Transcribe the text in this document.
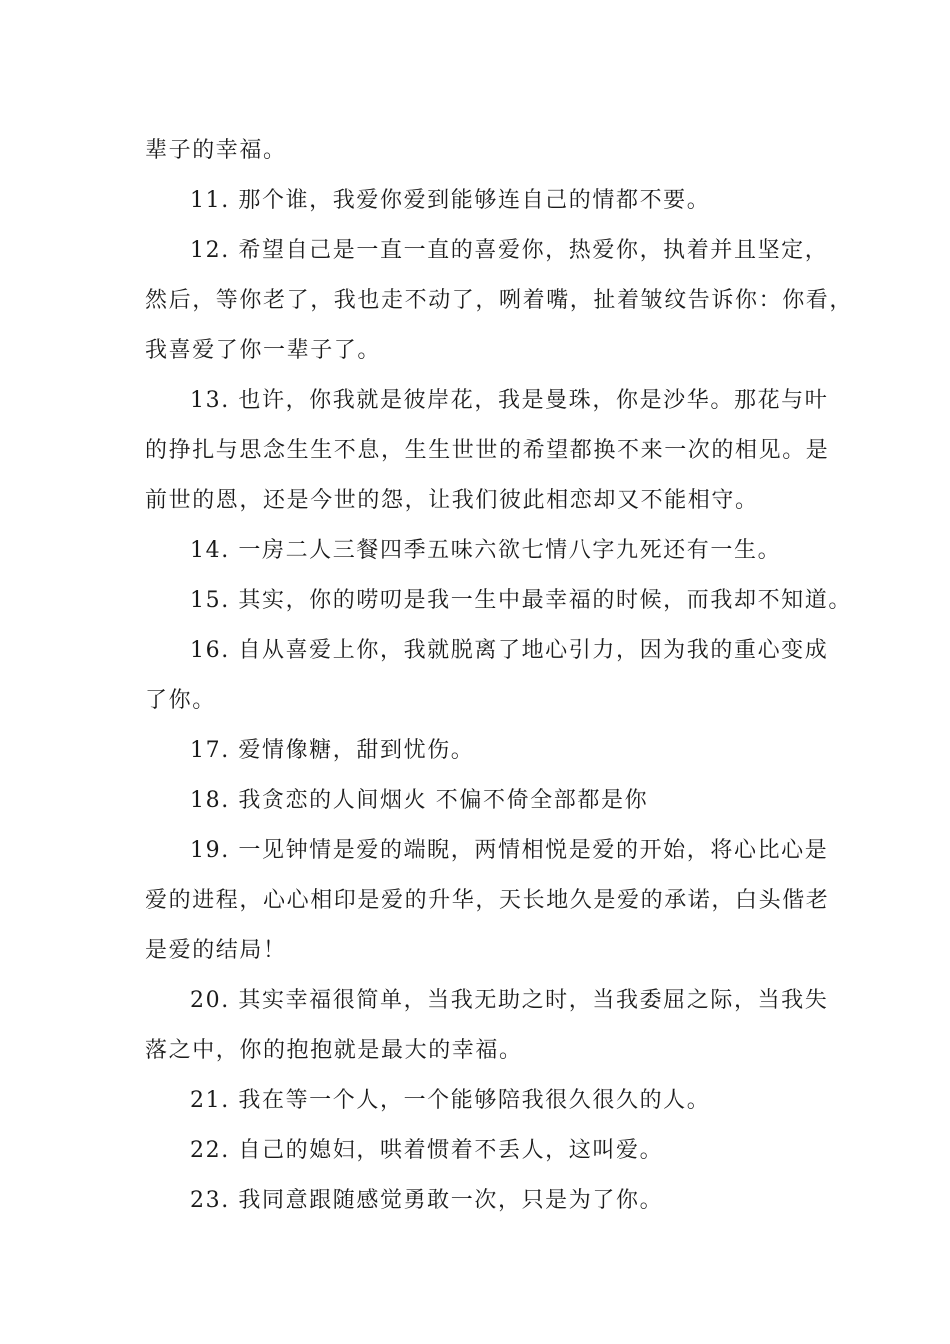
辈子的幸福。
11. 那个谁，我爱你爱到能够连自己的情都不要。
12. 希望自己是一直一直的喜爱你，热爱你，执着并且坚定，
然后，等你老了，我也走不动了，咧着嘴，扯着皱纹告诉你：你看，
我喜爱了你一辈子了。
13. 也许，你我就是彼岸花，我是曼珠，你是沙华。那花与叶
的挣扎与思念生生不息，生生世世的希望都换不来一次的相见。是
前世的恩，还是今世的怨，让我们彼此相恋却又不能相守。
14. 一房二人三餐四季五味六欲七情八字九死还有一生。
15. 其实，你的唠叨是我一生中最幸福的时候，而我却不知道。
16. 自从喜爱上你，我就脱离了地心引力，因为我的重心变成
了你。
17. 爱情像糖，甜到忧伤。
18. 我贪恋的人间烟火 不偏不倚全部都是你
19. 一见钟情是爱的端睨，两情相悦是爱的开始，将心比心是
爱的进程，心心相印是爱的升华，天长地久是爱的承诺，白头偕老
是爱的结局！
20. 其实幸福很简单，当我无助之时，当我委屈之际，当我失
落之中，你的抱抱就是最大的幸福。
21. 我在等一个人，一个能够陪我很久很久的人。
22. 自己的媳妇，哄着惯着不丢人，这叫爱。
23. 我同意跟随感觉勇敢一次，只是为了你。
